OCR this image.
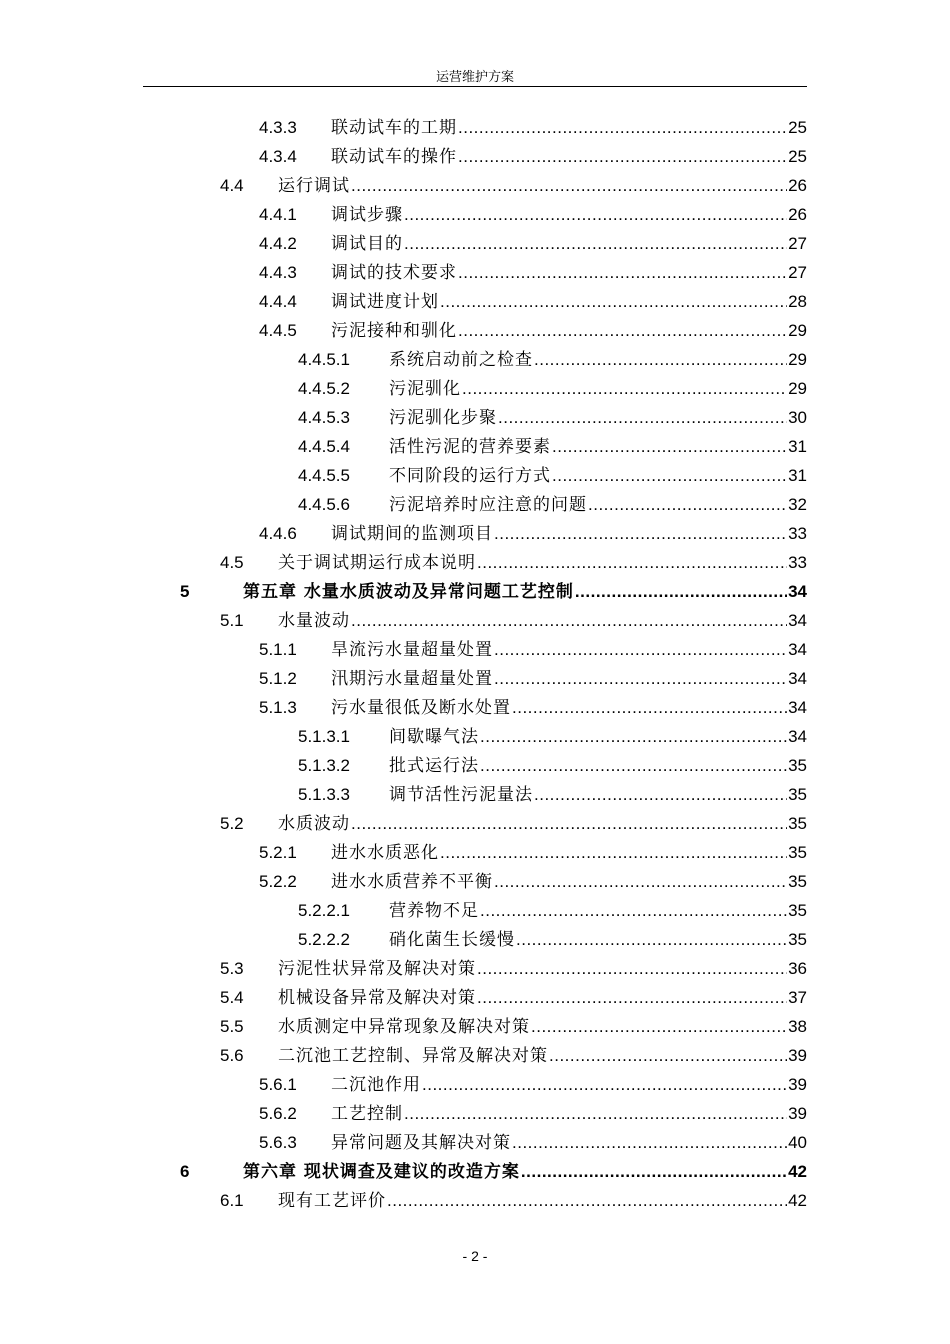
运营维护方案
4.3.3 联动试车的工期 .....	25
4.3.4 联动试车的操作 .....	25
4.4 运行调试 .....	26
4.4.1 调试步骤 .....	26
4.4.2 调试目的 .....	27
4.4.3 调试的技术要求 .....	27
4.4.4 调试进度计划 .....	28
4.4.5 污泥接种和驯化 .....	29
4.4.5.1 系统启动前之检查 .....	29
4.4.5.2 污泥驯化 .....	29
4.4.5.3 污泥驯化步聚 .....	30
4.4.5.4 活性污泥的营养要素 .....	31
4.4.5.5 不同阶段的运行方式 .....	31
4.4.5.6 污泥培养时应注意的问题 .....	32
4.4.6 调试期间的监测项目 .....	33
4.5 关于调试期运行成本说明 .....	33
5	第五章 水量水质波动及异常问题工艺控制 .....	34
5.1 水量波动 .....	34
5.1.1 旱流污水量超量处置 .....	34
5.1.2 汛期污水量超量处置 .....	34
5.1.3 污水量很低及断水处置 .....	34
5.1.3.1 间歇曝气法 .....	34
5.1.3.2 批式运行法 .....	35
5.1.3.3 调节活性污泥量法 .....	35
5.2 水质波动 .....	35
5.2.1 进水水质恶化 .....	35
5.2.2 进水水质营养不平衡 .....	35
5.2.2.1 营养物不足 .....	35
5.2.2.2 硝化菌生长缓慢 .....	35
5.3 污泥性状异常及解决对策 .....	36
5.4 机械设备异常及解决对策 .....	37
5.5 水质测定中异常现象及解决对策 .....	38
5.6 二沉池工艺控制、异常及解决对策 .....	39
5.6.1 二沉池作用 .....	39
5.6.2 工艺控制 .....	39
5.6.3 异常问题及其解决对策 .....	40
6	第六章 现状调查及建议的改造方案 .....	42
6.1 现有工艺评价 .....	42
- 2 -
